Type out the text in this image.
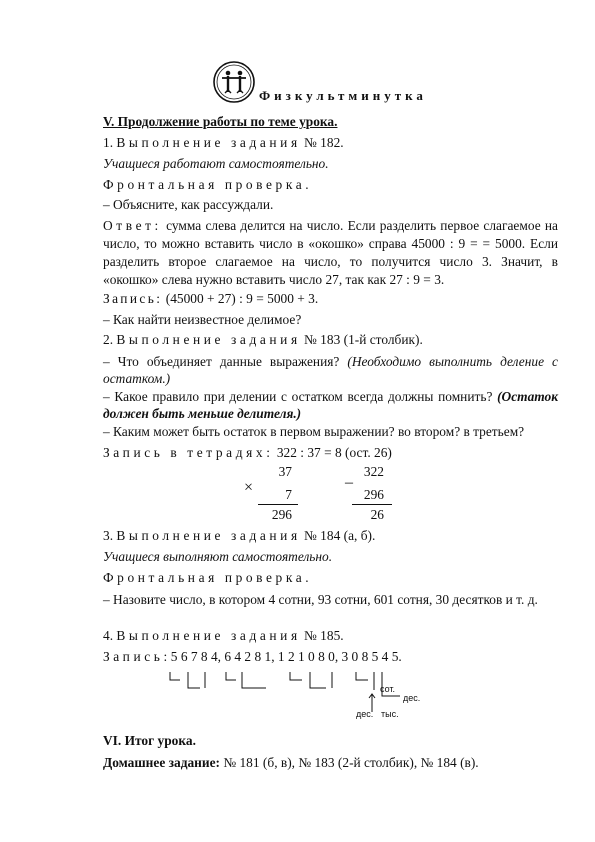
Физкультминутка
V. Продолжение работы по теме урока.
1. Выполнение задания № 182.
Учащиеся работают самостоятельно.
Фронтальная проверка.
– Объясните, как рассуждали.
Ответ: сумма слева делится на число. Если разделить первое слагаемое на число, то можно вставить число в «окошко» справа 45000 : 9 = = 5000. Если разделить второе слагаемое на число, то получится число 3. Значит, в «окошко» слева нужно вставить число 27, так как 27 : 9 = 3.
Запись: (45000 + 27) : 9 = 5000 + 3.
– Как найти неизвестное делимое?
2. Выполнение задания № 183 (1-й столбик).
– Что объединяет данные выражения? (Необходимо выполнить деление с остатком.)
– Какое правило при делении с остатком всегда должны помнить? (Остаток должен быть меньше делителя.)
– Каким может быть остаток в первом выражении? во втором? в третьем?
Запись в тетрадях: 322 : 37 = 8 (ост. 26)
×
37
7
296
–
322
296
26
3. Выполнение задания № 184 (а, б).
Учащиеся выполняют самостоятельно.
Фронтальная проверка.
– Назовите число, в котором 4 сотни, 93 сотни, 601 сотня, 30 десятков и т. д.
4. Выполнение задания № 185.
Запись:5 6 7 8 4, 6 4 2 8 1, 1 2 1 0 8 0, 3 0 8 5 4 5.
сот.
дес.
дес. тыс.
VI. Итог урока.
Домашнее задание: № 181 (б, в), № 183 (2-й столбик), № 184 (в).
